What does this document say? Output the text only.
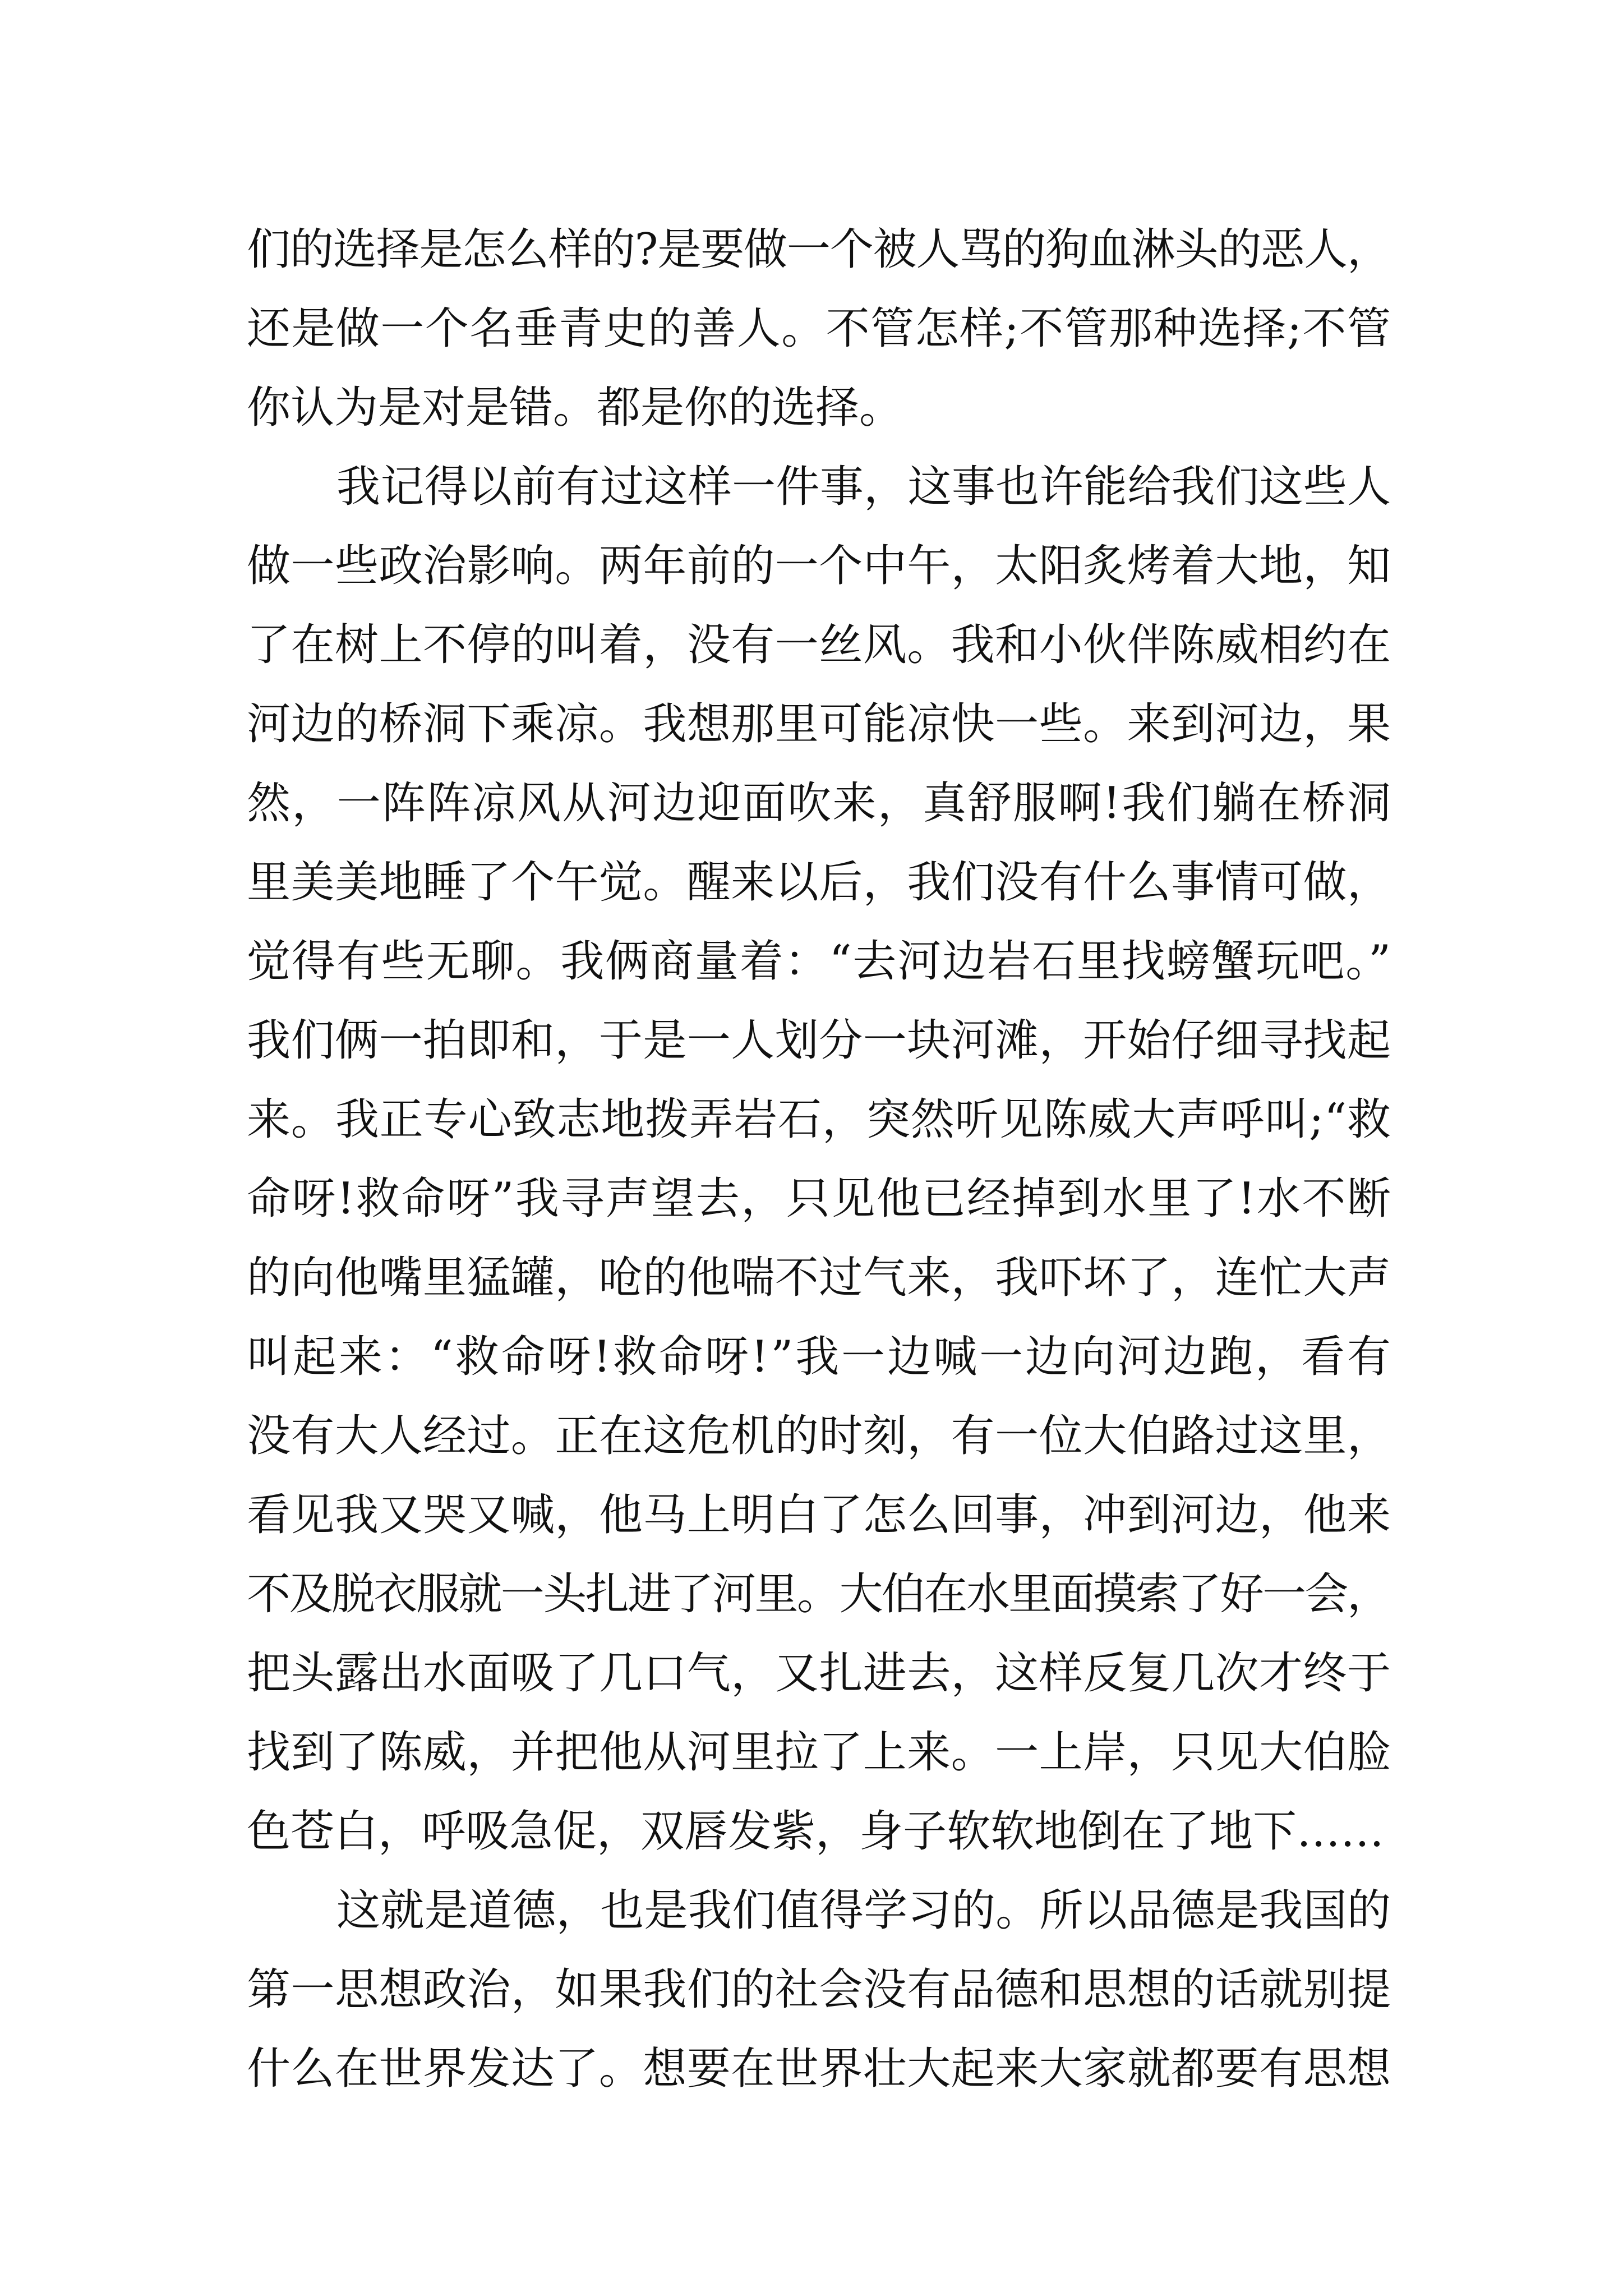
们的选择是怎么样的?是要做一个被人骂的狗血淋头的恶人，
还是做一个名垂青史的善人。不管怎样;不管那种选择;不管
你认为是对是错。都是你的选择。
我记得以前有过这样一件事，这事也许能给我们这些人
做一些政治影响。两年前的一个中午，太阳炙烤着大地，知
了在树上不停的叫着，没有一丝风。我和小伙伴陈威相约在
河边的桥洞下乘凉。我想那里可能凉快一些。来到河边，果
然，一阵阵凉风从河边迎面吹来，真舒服啊!我们躺在桥洞
里美美地睡了个午觉。醒来以后，我们没有什么事情可做，
觉得有些无聊。我俩商量着：“去河边岩石里找螃蟹玩吧。”
我们俩一拍即和，于是一人划分一块河滩，开始仔细寻找起
来。我正专心致志地拨弄岩石，突然听见陈威大声呼叫;“救
命呀!救命呀”我寻声望去，只见他已经掉到水里了!水不断
的向他嘴里猛罐，呛的他喘不过气来，我吓坏了，连忙大声
叫起来：“救命呀!救命呀!”我一边喊一边向河边跑，看有
没有大人经过。正在这危机的时刻，有一位大伯路过这里，
看见我又哭又喊，他马上明白了怎么回事，冲到河边，他来
不及脱衣服就一头扎进了河里。大伯在水里面摸索了好一会，
把头露出水面吸了几口气，又扎进去，这样反复几次才终于
找到了陈威，并把他从河里拉了上来。一上岸，只见大伯脸
色苍白，呼吸急促，双唇发紫，身子软软地倒在了地下……
这就是道德，也是我们值得学习的。所以品德是我国的
第一思想政治，如果我们的社会没有品德和思想的话就别提
什么在世界发达了。想要在世界壮大起来大家就都要有思想
